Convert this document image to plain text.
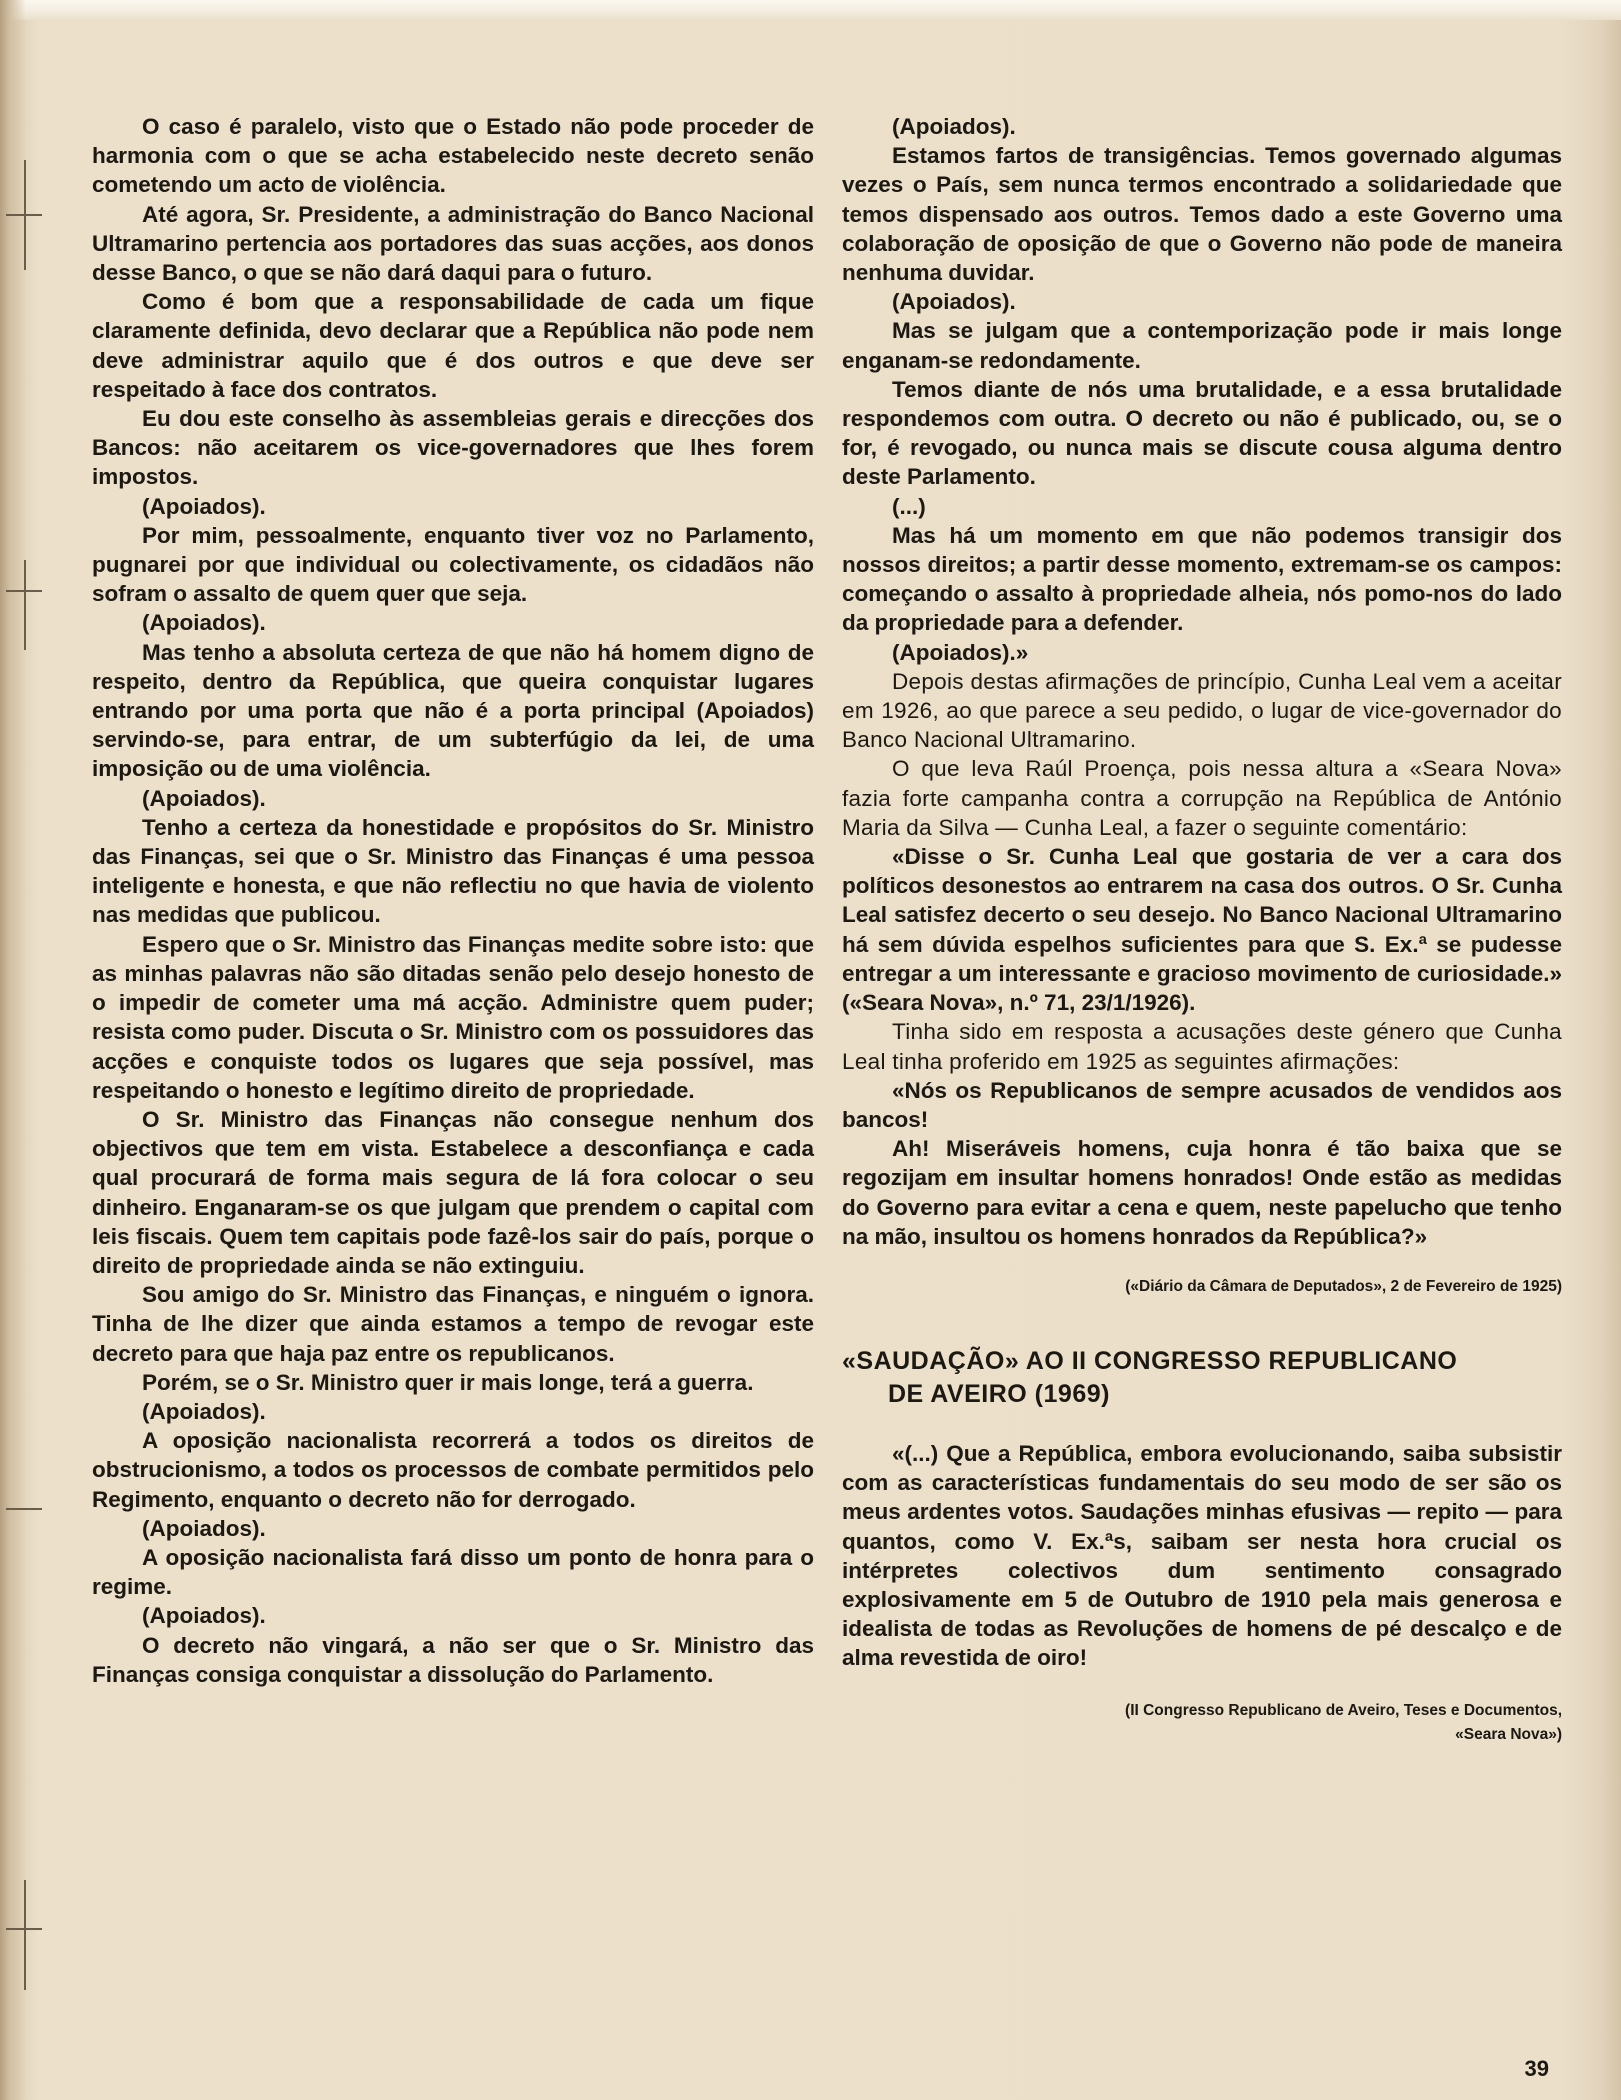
O caso é paralelo, visto que o Estado não pode proceder de harmonia com o que se acha estabelecido neste decreto senão cometendo um acto de violência.

Até agora, Sr. Presidente, a administração do Banco Nacional Ultramarino pertencia aos portadores das suas acções, aos donos desse Banco, o que se não dará daqui para o futuro.

Como é bom que a responsabilidade de cada um fique claramente definida, devo declarar que a República não pode nem deve administrar aquilo que é dos outros e que deve ser respeitado à face dos contratos.

Eu dou este conselho às assembleias gerais e direcções dos Bancos: não aceitarem os vice-governadores que lhes forem impostos.

(Apoiados).

Por mim, pessoalmente, enquanto tiver voz no Parlamento, pugnarei por que individual ou colectivamente, os cidadãos não sofram o assalto de quem quer que seja.

(Apoiados).

Mas tenho a absoluta certeza de que não há homem digno de respeito, dentro da República, que queira conquistar lugares entrando por uma porta que não é a porta principal (Apoiados) servindo-se, para entrar, de um subterfúgio da lei, de uma imposição ou de uma violência.

(Apoiados).

Tenho a certeza da honestidade e propósitos do Sr. Ministro das Finanças, sei que o Sr. Ministro das Finanças é uma pessoa inteligente e honesta, e que não reflectiu no que havia de violento nas medidas que publicou.

Espero que o Sr. Ministro das Finanças medite sobre isto: que as minhas palavras não são ditadas senão pelo desejo honesto de o impedir de cometer uma má acção. Administre quem puder; resista como puder. Discuta o Sr. Ministro com os possuidores das acções e conquiste todos os lugares que seja possível, mas respeitando o honesto e legítimo direito de propriedade.

O Sr. Ministro das Finanças não consegue nenhum dos objectivos que tem em vista. Estabelece a desconfiança e cada qual procurará de forma mais segura de lá fora colocar o seu dinheiro. Enganaram-se os que julgam que prendem o capital com leis fiscais. Quem tem capitais pode fazê-los sair do país, porque o direito de propriedade ainda se não extinguiu.

Sou amigo do Sr. Ministro das Finanças, e ninguém o ignora. Tinha de lhe dizer que ainda estamos a tempo de revogar este decreto para que haja paz entre os republicanos.

Porém, se o Sr. Ministro quer ir mais longe, terá a guerra.

(Apoiados).

A oposição nacionalista recorrerá a todos os direitos de obstrucionismo, a todos os processos de combate permitidos pelo Regimento, enquanto o decreto não for derrogado.

(Apoiados).

A oposição nacionalista fará disso um ponto de honra para o regime.

(Apoiados).

O decreto não vingará, a não ser que o Sr. Ministro das Finanças consiga conquistar a dissolução do Parlamento.

(Apoiados).

Estamos fartos de transigências. Temos governado algumas vezes o País, sem nunca termos encontrado a solidariedade que temos dispensado aos outros. Temos dado a este Governo uma colaboração de oposição de que o Governo não pode de maneira nenhuma duvidar.

(Apoiados).

Mas se julgam que a contemporização pode ir mais longe enganam-se redondamente.

Temos diante de nós uma brutalidade, e a essa brutalidade respondemos com outra. O decreto ou não é publicado, ou, se o for, é revogado, ou nunca mais se discute cousa alguma dentro deste Parlamento.

(...)

Mas há um momento em que não podemos transigir dos nossos direitos; a partir desse momento, extremam-se os campos: começando o assalto à propriedade alheia, nós pomo-nos do lado da propriedade para a defender.

(Apoiados).»

Depois destas afirmações de princípio, Cunha Leal vem a aceitar em 1926, ao que parece a seu pedido, o lugar de vice-governador do Banco Nacional Ultramarino.

O que leva Raúl Proença, pois nessa altura a «Seara Nova» fazia forte campanha contra a corrupção na República de António Maria da Silva — Cunha Leal, a fazer o seguinte comentário:

«Disse o Sr. Cunha Leal que gostaria de ver a cara dos políticos desonestos ao entrarem na casa dos outros. O Sr. Cunha Leal satisfez decerto o seu desejo. No Banco Nacional Ultramarino há sem dúvida espelhos suficientes para que S. Ex.ª se pudesse entregar a um interessante e gracioso movimento de curiosidade.» («Seara Nova», n.º 71, 23/1/1926).

Tinha sido em resposta a acusações deste género que Cunha Leal tinha proferido em 1925 as seguintes afirmações:

«Nós os Republicanos de sempre acusados de vendidos aos bancos!

Ah! Miseráveis homens, cuja honra é tão baixa que se regozijam em insultar homens honrados! Onde estão as medidas do Governo para evitar a cena e quem, neste papelucho que tenho na mão, insultou os homens honrados da República?»

(«Diário da Câmara de Deputados», 2 de Fevereiro de 1925)

«SAUDAÇÃO» AO II CONGRESSO REPUBLICANO
DE AVEIRO (1969)

«(...) Que a República, embora evolucionando, saiba subsistir com as características fundamentais do seu modo de ser são os meus ardentes votos. Saudações minhas efusivas — repito — para quantos, como V. Ex.ªs, saibam ser nesta hora crucial os intérpretes colectivos dum sentimento consagrado explosivamente em 5 de Outubro de 1910 pela mais generosa e idealista de todas as Revoluções de homens de pé descalço e de alma revestida de oiro!

(II Congresso Republicano de Aveiro, Teses e Documentos,

«Seara Nova»)

39
